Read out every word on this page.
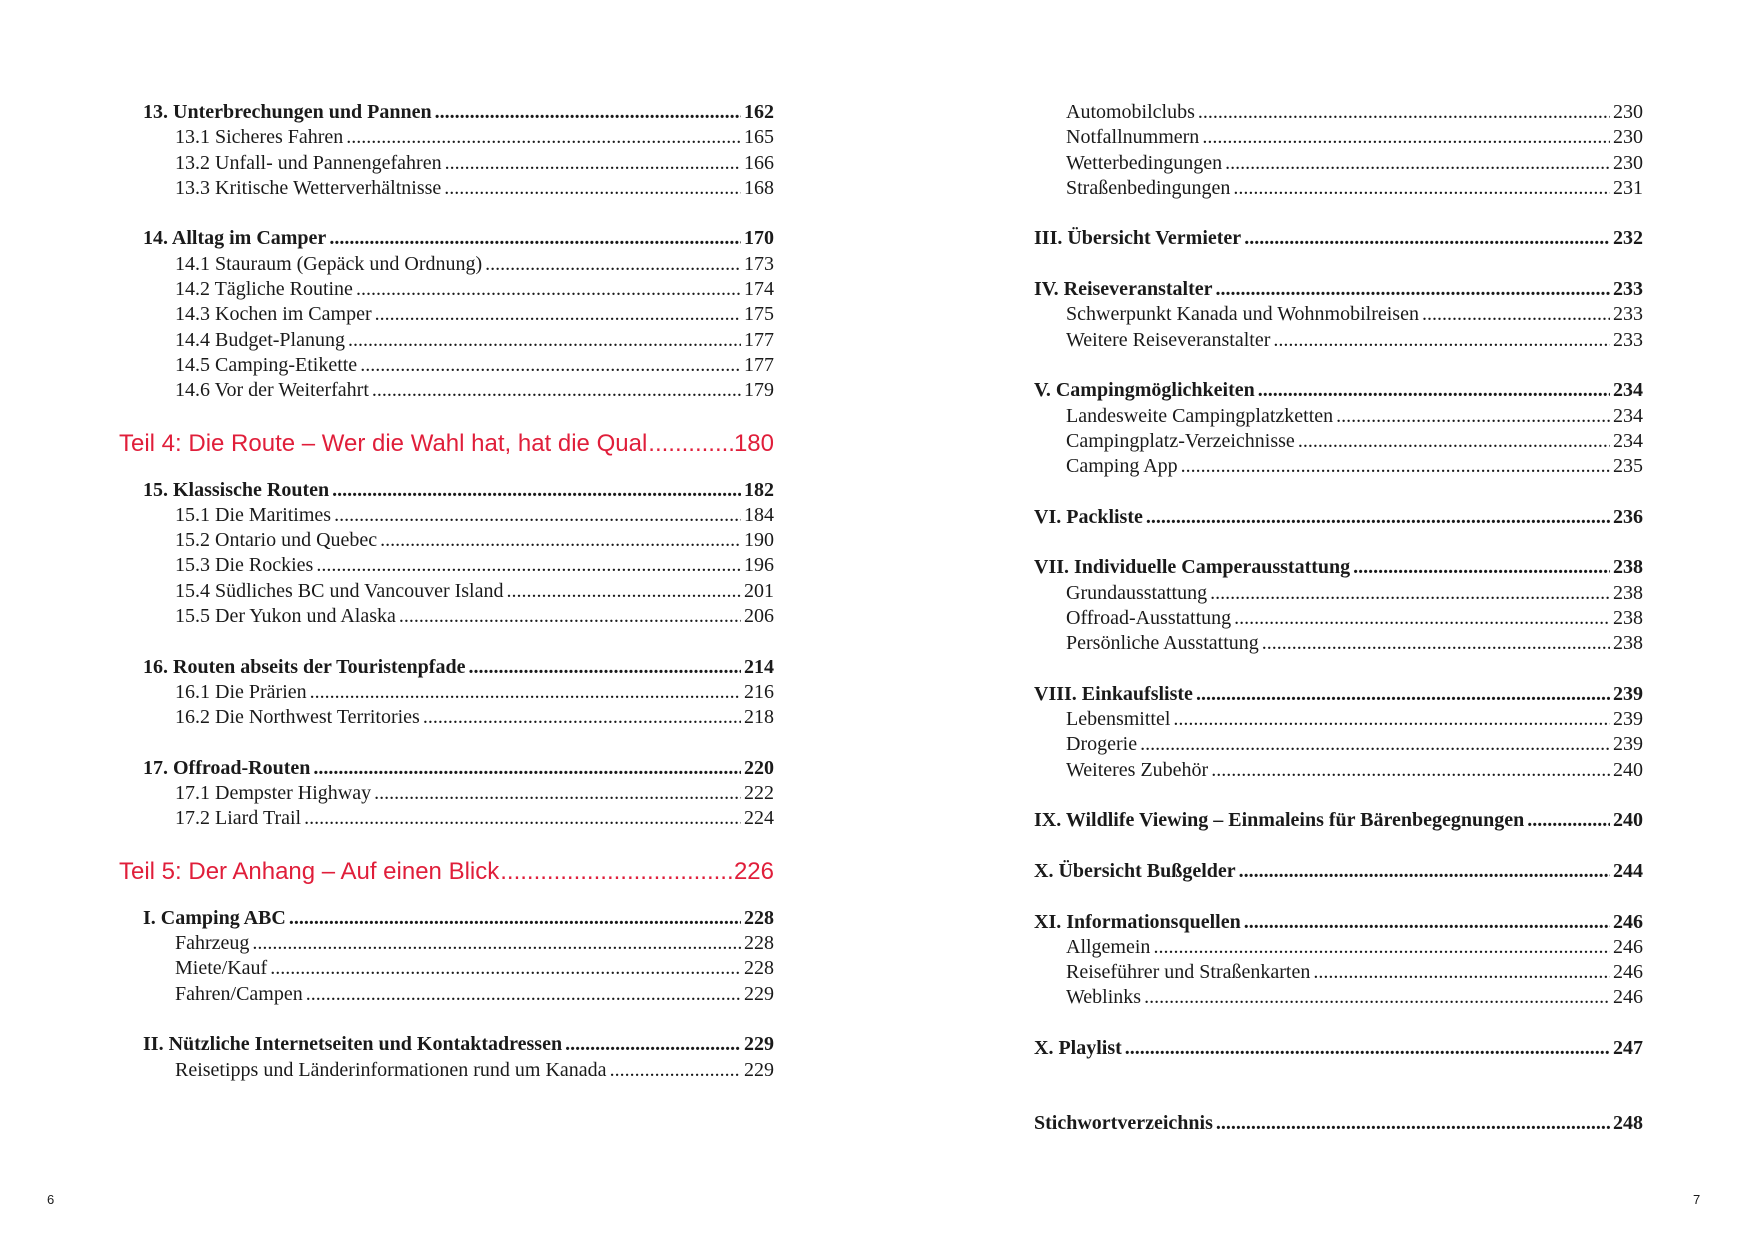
13. Unterbrechungen und Pannen .....	162
13.1 Sicheres Fahren .....	165
13.2 Unfall- und Pannengefahren .....	166
13.3 Kritische Wetterverhältnisse .....	168
14. Alltag im Camper .....	170
14.1 Stauraum (Gepäck und Ordnung) .....	173
14.2 Tägliche Routine .....	174
14.3 Kochen im Camper .....	175
14.4 Budget-Planung .....	177
14.5 Camping-Etikette .....	177
14.6 Vor der Weiterfahrt .....	179
Teil 4: Die Route – Wer die Wahl hat, hat die Qual .....	180
15. Klassische Routen .....	182
15.1 Die Maritimes .....	184
15.2 Ontario und Quebec .....	190
15.3 Die Rockies .....	196
15.4 Südliches BC und Vancouver Island .....	201
15.5 Der Yukon und Alaska .....	206
16. Routen abseits der Touristenpfade .....	214
16.1 Die Prärien .....	216
16.2 Die Northwest Territories .....	218
17. Offroad-Routen .....	220
17.1 Dempster Highway .....	222
17.2 Liard Trail .....	224
Teil 5: Der Anhang – Auf einen Blick .....	226
I. Camping ABC .....	228
Fahrzeug .....	228
Miete/Kauf .....	228
Fahren/Campen .....	229
II. Nützliche Internetseiten und Kontaktadressen .....	229
Reisetipps und Länderinformationen rund um Kanada .....	229
Automobilclubs .....	230
Notfallnummern .....	230
Wetterbedingungen .....	230
Straßenbedingungen .....	231
III. Übersicht Vermieter .....	232
IV. Reiseveranstalter .....	233
Schwerpunkt Kanada und Wohnmobilreisen .....	233
Weitere Reiseveranstalter .....	233
V. Campingmöglichkeiten .....	234
Landesweite Campingplatzketten .....	234
Campingplatz-Verzeichnisse .....	234
Camping App .....	235
VI. Packliste .....	236
VII. Individuelle Camperausstattung .....	238
Grundausstattung .....	238
Offroad-Ausstattung .....	238
Persönliche Ausstattung .....	238
VIII. Einkaufsliste .....	239
Lebensmittel .....	239
Drogerie .....	239
Weiteres Zubehör .....	240
IX. Wildlife Viewing – Einmaleins für Bärenbegegnungen .....	240
X. Übersicht Bußgelder .....	244
XI. Informationsquellen .....	246
Allgemein .....	246
Reiseführer und Straßenkarten .....	246
Weblinks .....	246
X. Playlist .....	247
Stichwortverzeichnis .....	248
6	7
